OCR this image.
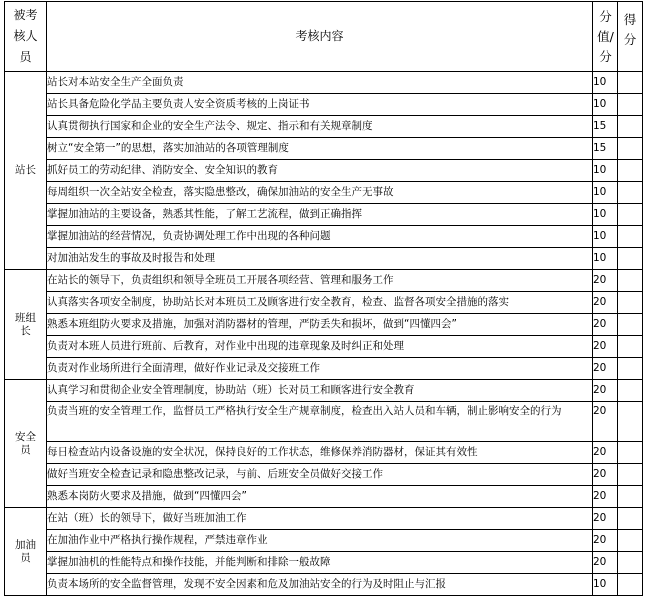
被考核人员	考核内容	分值/分	得分

站长	站长对本站安全生产全面负责	10	
	站长具备危险化学品主要负责人安全资质考核的上岗证书	10	
	认真贯彻执行国家和企业的安全生产法令、规定、指示和有关规章制度	15	
	树立“安全第一”的思想，落实加油站的各项管理制度	15	
	抓好员工的劳动纪律、消防安全、安全知识的教育	10	
	每周组织一次全站安全检查，落实隐患整改，确保加油站的安全生产无事故	10	
	掌握加油站的主要设备，熟悉其性能，了解工艺流程，做到正确指挥	10	
	掌握加油站的经营情况，负责协调处理工作中出现的各种问题	10	
	对加油站发生的事故及时报告和处理	10	

班组长	在站长的领导下，负责组织和领导全班员工开展各项经营、管理和服务工作	20	
	认真落实各项安全制度，协助站长对本班员工及顾客进行安全教育，检查、监督各项安全措施的落实	20	
	熟悉本班组防火要求及措施，加强对消防器材的管理，严防丢失和损坏，做到“四懂四会”	20	
	负责对本班人员进行班前、后教育，对作业中出现的违章现象及时纠正和处理	20	
	负责对作业场所进行全面清理，做好作业记录及交接班工作	20	

安全员	认真学习和贯彻企业安全管理制度，协助站（班）长对员工和顾客进行安全教育	20	
	负责当班的安全管理工作，监督员工严格执行安全生产规章制度，检查出入站人员和车辆，制止影响安全的行为	20	
	每日检查站内设备设施的安全状况，保持良好的工作状态，维修保养消防器材，保证其有效性	20	
	做好当班安全检查记录和隐患整改记录，与前、后班安全员做好交接工作	20	
	熟悉本岗防火要求及措施，做到“四懂四会”	20	

加油员	在站（班）长的领导下，做好当班加油工作	20	
	在加油作业中严格执行操作规程，严禁违章作业	20	
	掌握加油机的性能特点和操作技能，并能判断和排除一般故障	20	
	负责本场所的安全监督管理，发现不安全因素和危及加油站安全的行为及时阻止与汇报	10	
